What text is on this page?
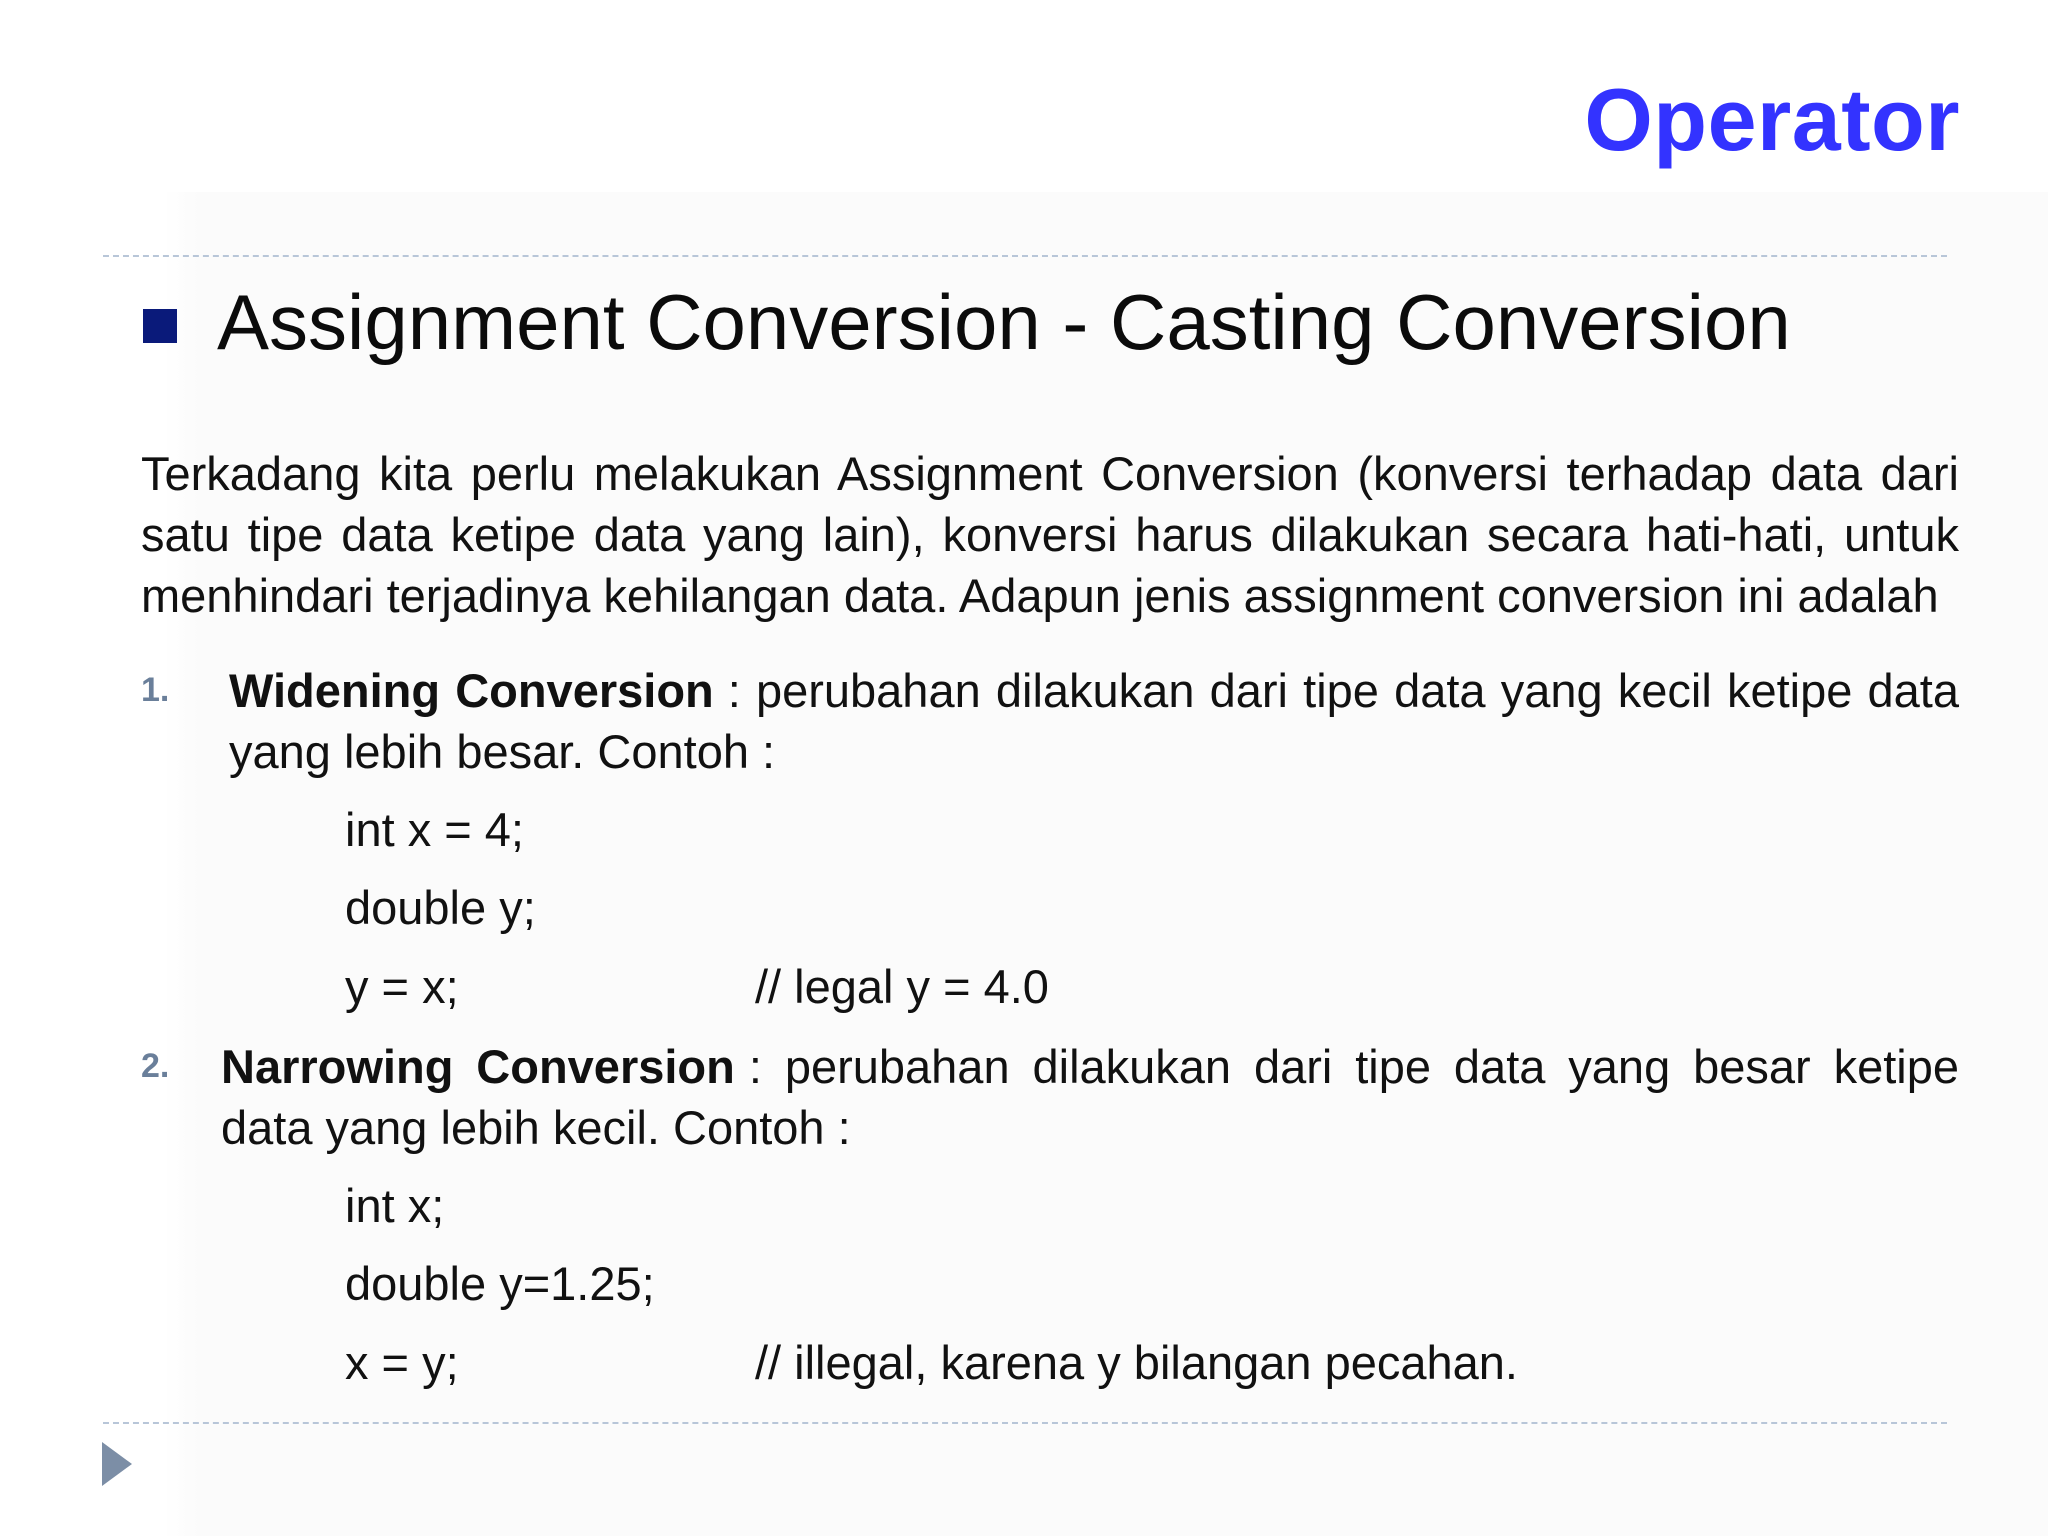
Operator
Assignment Conversion - Casting Conversion

Terkadang kita perlu melakukan Assignment Conversion (konversi terhadap data dari satu tipe data ketipe data yang lain), konversi harus dilakukan secara hati-hati, untuk menhindari terjadinya kehilangan data. Adapun jenis assignment conversion ini adalah

1.	Widening Conversion : perubahan dilakukan dari tipe data yang kecil ketipe data yang lebih besar. Contoh :
int x = 4;
double y;
y = x;	// legal y = 4.0
2.	Narrowing Conversion : perubahan dilakukan dari tipe data yang besar ketipe data yang lebih kecil. Contoh :
int x;
double y=1.25;
x = y;	// illegal, karena y bilangan pecahan.
